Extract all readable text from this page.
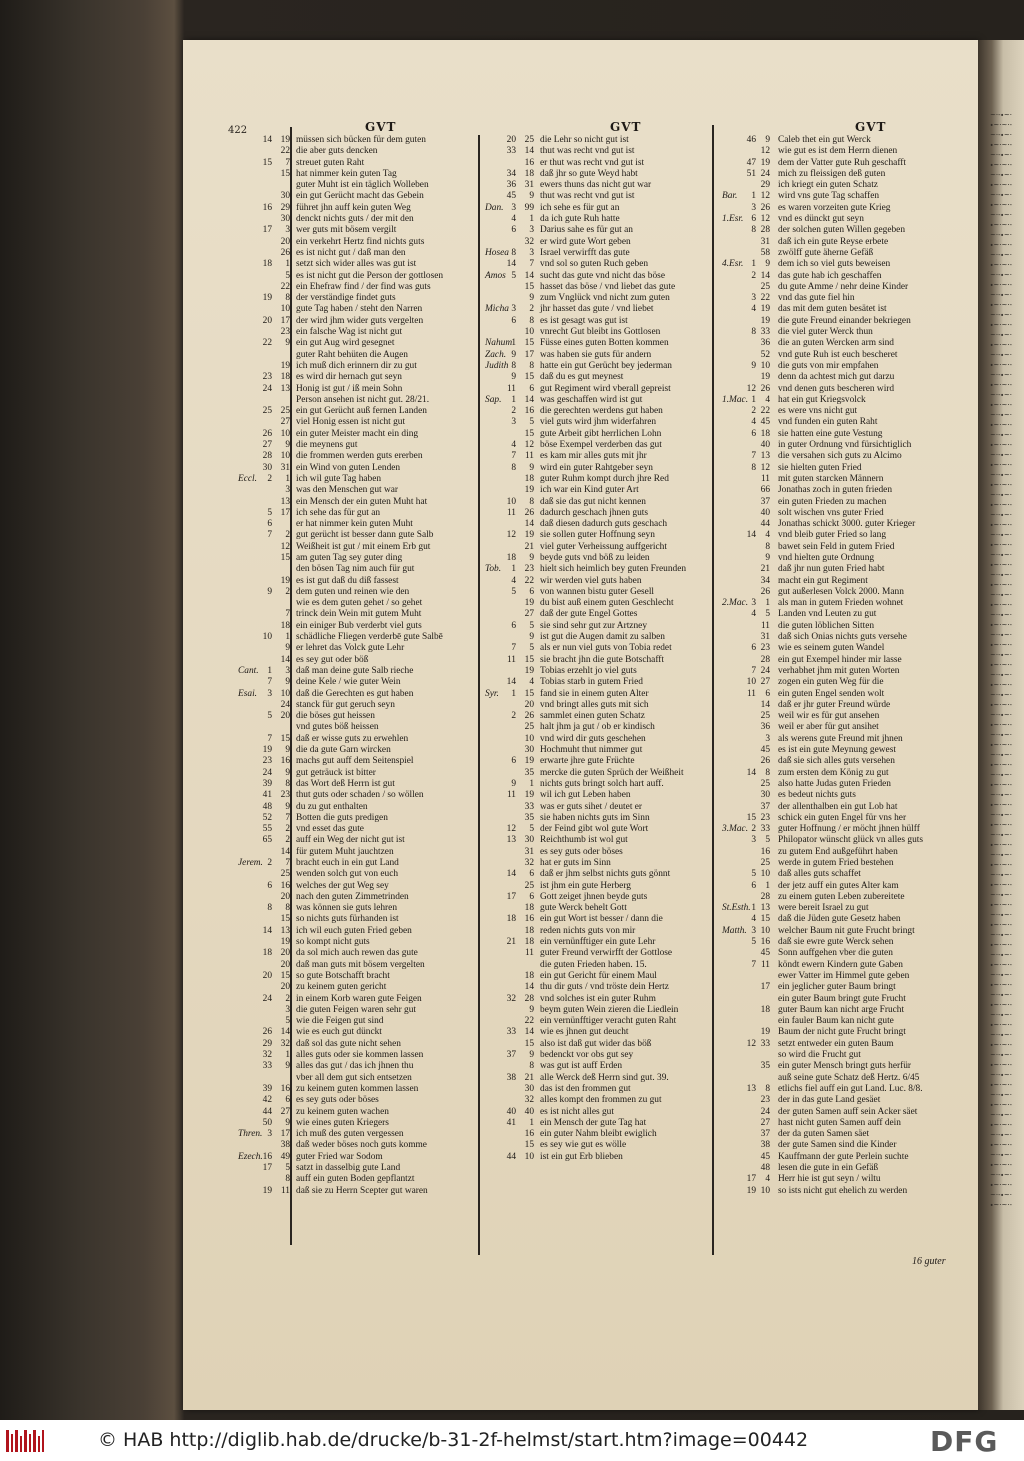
422	GVT	GVT	GVT
14 19 müssen sich bücken für dem guten
22 die aber guts dencken
15	7 streuet guten Raht
15 hat nimmer kein guten Tag
guter Muht ist ein täglich Wolleben
30 ein gut Gerücht macht das Gebein
16 29 führet jhn auff kein guten Weg
30 denckt nichts guts / der mit den
17	3 wer guts mit bösem vergilt
20 ein verkehrt Hertz find nichts guts
26 es ist nicht gut / daß man den
18	1 setzt sich wider alles was gut ist
5 es ist nicht gut die Person der gottlosen
22 ein Ehefraw find / der find was guts
19	8 der verständige findet guts
10 gute Tag haben / steht den Narren
20 17 der wird jhm wider guts vergelten
23 ein falsche Wag ist nicht gut
22	9 ein gut Aug wird gesegnet
guter Raht behüten die Augen
19 ich muß dich erinnern dir zu gut
23 18 es wird dir hernach gut seyn
24 13 Honig ist gut / iß mein Sohn
Person ansehen ist nicht gut. 28/21.
25 25 ein gut Gerücht auß fernen Landen
27 viel Honig essen ist nicht gut
26 10 ein guter Meister macht ein ding
27	9 die meynens gut
28 10 die frommen werden guts ererben
30 31 ein Wind von guten Lenden
Eccl.	2	1 ich wil gute Tag haben
3 was den Menschen gut war
13 ein Mensch der ein guten Muht hat
5 17 ich sehe das für gut an
6	er hat nimmer kein guten Muht
7	2 gut gerücht ist besser dann gute Salb
12 Weißheit ist gut / mit einem Erb gut
15 am guten Tag sey guter ding
den bösen Tag nim auch für gut
19 es ist gut daß du diß fassest
9	2 dem guten und reinen wie den
wie es dem guten gehet / so gehet
7 trinck dein Wein mit gutem Muht
18 ein einiger Bub verderbt viel guts
10	1 schädliche Fliegen verderbē gute Salbē
9 er lehret das Volck gute Lehr
14 es sey gut oder böß
Cant. 1	3 daß man deine gute Salb rieche
7	9 deine Kele / wie guter Wein
Esai.	3 10 daß die Gerechten es gut haben
24 stanck für gut geruch seyn
5 20 die böses gut heissen
vnd gutes böß heissen
7 15 daß er wisse guts zu erwehlen
19	9 die da gute Garn wircken
23 16 machs gut auff dem Seitenspiel
24	9 gut geträuck ist bitter
39	8 das Wort deß Herrn ist gut
41 23 thut guts oder schaden / so wöllen
48	9 du zu gut enthalten
52	7 Botten die guts predigen
55	2 vnd esset das gute
65	2 auff ein Weg der nicht gut ist
14 für gutem Muht jauchtzen
Jerem. 2	7 bracht euch in ein gut Land
25 wenden solch gut von euch
6 16 welches der gut Weg sey
20 nach den guten Zimmetrinden
8	8 was können sie guts lehren
15 so nichts guts fürhanden ist
14 13 ich wil euch guten Fried geben
19 so kompt nicht guts
18 20 da sol mich auch rewen das gute
20 daß man guts mit bösem vergelten
20 15 so gute Botschafft bracht
20 zu keinem guten gericht
24	2 in einem Korb waren gute Feigen
3 die guten Feigen waren sehr gut
5 wie die Feigen gut sind
26 14 wie es euch gut dünckt
29 32 daß sol das gute nicht sehen
32	1 alles guts oder sie kommen lassen
33	9 alles das gut / das ich jhnen thu
vber all dem gut sich entsetzen
39 16 zu keinem guten kommen lassen
42	6 es sey guts oder böses
44 27 zu keinem guten wachen
50	9 wie eines guten Kriegers
Thren. 3 17 ich muß des guten vergessen
38 daß weder böses noch guts komme
Ezech. 16 49 guter Fried war Sodom
17	5 satzt in dasselbig gute Land
8 auff ein guten Boden gepflantzt
19 11 daß sie zu Herrn Scepter gut waren
20 25 die Lehr so nicht gut ist
33 14 thut was recht vnd gut ist
16 er thut was recht vnd gut ist
34 18 daß jhr so gute Weyd habt
36 31 ewers thuns das nicht gut war
45	9 thut was recht vnd gut ist
Dan. 3 99 ich sehe es für gut an
4	1 da ich gute Ruh hatte
6	3 Darius sahe es für gut an
32 er wird gute Wort geben
Hosea 8	3 Israel verwirfft das gute
14	7 vnd sol so guten Ruch geben
Amos 5 14 sucht das gute vnd nicht das böse
15 hasset das böse / vnd liebet das gute
9 zum Vnglück vnd nicht zum guten
Micha 3	2 jhr hasset das gute / vnd liebet
6	8 es ist gesagt was gut ist
10 vnrecht Gut bleibt ins Gottlosen
Nahum 1 15 Füsse eines guten Botten kommen
Zach. 9 17 was haben sie guts für andern
Judith 8	8 hatte ein gut Gerücht bey jederman
9 15 daß du es gut meynest
11	6 gut Regiment wird vberall gepreist
Sap.	1 14 was geschaffen wird ist gut
2 16 die gerechten werdens gut haben
3	5 viel guts wird jhm widerfahren
15 gute Arbeit gibt herrlichen Lohn
4 12 böse Exempel verderben das gut
7 11 es kam mir alles guts mit jhr
8	9 wird ein guter Rahtgeber seyn
18 guter Ruhm kompt durch jhre Red
19 ich war ein Kind guter Art
10	8 daß sie das gut nicht kennen
11 26 dadurch geschach jhnen guts
14 daß diesen dadurch guts geschach
12 19 sie sollen guter Hoffnung seyn
21 viel guter Verheissung auffgericht
18	9 beyde guts vnd böß zu leiden
Tob.	1 23 hielt sich heimlich bey guten Freunden
4 22 wir werden viel guts haben
5	6 von wannen bistu guter Gesell
19 du bist auß einem guten Geschlecht
27 daß der gute Engel Gottes
6	5 sie sind sehr gut zur Artzney
9 ist gut die Augen damit zu salben
7	5 als er nun viel guts von Tobia redet
11 15 sie bracht jhn die gute Botschafft
19 Tobias erzehlt jo viel guts
14	4 Tobias starb in gutem Fried
Syr.	1 15 fand sie in einem guten Alter
20 vnd bringt alles guts mit sich
2 26 sammlet einen guten Schatz
25 halt jhm ja gut / ob er kindisch
10 vnd wird dir guts geschehen
30 Hochmuht thut nimmer gut
6 19 erwarte jhre gute Früchte
35 mercke die guten Sprüch der Weißheit
9	1 nichts guts bringt solch hart auff.
11 19 wil ich gut Leben haben
33 was er guts sihet / deutet er
35 sie haben nichts guts im Sinn
12	5 der Feind gibt wol gute Wort
13 30 Reichthumb ist wol gut
31 es sey guts oder böses
32 hat er guts im Sinn
14	6 daß er jhm selbst nichts guts gönnt
25 ist jhm ein gute Herberg
17	6 Gott zeiget jhnen beyde guts
18 gute Werck behelt Gott
18 16 ein gut Wort ist besser / dann die
18 reden nichts guts von mir
21 18 ein vernünfftiger ein gute Lehr
11 guter Freund verwirfft der Gottlose
die guten Frieden haben. 15.
18 ein gut Gericht für einem Maul
14 thu dir guts / vnd tröste dein Hertz
32 28 vnd solches ist ein guter Ruhm
9 beym guten Wein zieren die Liedlein
22 ein vernünfftiger veracht guten Raht
33 14 wie es jhnen gut deucht
15 also ist daß gut wider das böß
37	9 bedenckt vor obs gut sey
8 was gut ist auff Erden
38 21 alle Werck deß Herrn sind gut. 39.
30 das ist den frommen gut
32 alles kompt den frommen zu gut
40 40 es ist nicht alles gut
41	1 ein Mensch der gute Tag hat
16 ein guter Nahm bleibt ewiglich
15 es sey wie gut es wölle
44 10 ist ein gut Erb blieben
46 9 Caleb thet ein gut Werck
12 wie gut es ist dem Herrn dienen
47 19 dem der Vatter gute Ruh geschafft
51 24 mich zu fleissigen deß guten
29 ich kriegt ein guten Schatz
Bar.	1 12 wird vns gute Tag schaffen
3 26 es waren vorzeiten gute Krieg
1.Esr. 6 12 vnd es dünckt gut seyn
8 28 der solchen guten Willen gegeben
31 daß ich ein gute Reyse erbete
58 zwölff gute äherne Gefäß
4.Esr. 1 9 dem ich so viel guts beweisen
2 14 das gute hab ich geschaffen
25 du gute Amme / nehr deine Kinder
3 22 vnd das gute fiel hin
4 19 das mit dem guten besätet ist
19 die gute Freund einander bekriegen
8 33 die viel guter Werck thun
36 die an guten Wercken arm sind
52 vnd gute Ruh ist euch bescheret
9 10 die guts von mir empfahen
19 denn da achtest mich gut darzu
12 26 vnd denen guts bescheren wird
1.Mac. 1 4 hat ein gut Kriegsvolck
2 22 es were vns nicht gut
4 45 vnd funden ein guten Raht
6 18 sie hatten eine gute Vestung
40 in guter Ordnung vnd fürsichtiglich
7 13 die versahen sich guts zu Alcimo
8 12 sie hielten guten Fried
11 mit guten starcken Männern
66 Jonathas zoch in guten frieden
37 ein guten Frieden zu machen
40 solt wischen vns guter Fried
44 Jonathas schickt 3000. guter Krieger
14 4 vnd bleib guter Fried so lang
8 bawet sein Feld in gutem Fried
9 vnd hielten gute Ordnung
21 daß jhr nun guten Fried habt
34 macht ein gut Regiment
26 gut außerlesen Volck 2000. Mann
2.Mac. 3 1 als man in gutem Frieden wohnet
4 5 Landen vnd Leuten zu gut
11 die guten löblichen Sitten
31 daß sich Onias nichts guts versehe
6 23 wie es seinem guten Wandel
28 ein gut Exempel hinder mir lasse
7 24 verhabhet jhm mit guten Worten
10 27 zogen ein guten Weg für die
11 6 ein guten Engel senden wolt
14 daß er jhr guter Freund würde
25 weil wir es für gut ansehen
36 weil er aber für gut ansihet
3 als werens gute Freund mit jhnen
45 es ist ein gute Meynung gewest
26 daß sie sich alles guts versehen
14 8 zum ersten dem König zu gut
25 also hatte Judas guten Frieden
30 es bedeut nichts guts
37 der allenthalben ein gut Lob hat
15 23 schick ein guten Engel für vns her
3.Mac. 2 33 guter Hoffnung / er möcht jhnen hülff
3 5 Philopator wünscht glück vn alles guts
16 zu gutem End außgeführt haben
25 werde in gutem Fried bestehen
5 10 daß alles guts schaffet
6 1 der jetz auff ein gutes Alter kam
28 zu einem guten Leben zubereitete
St.Esth. 1 13 were bereit Israel zu gut
4 15 daß die Jüden gute Gesetz haben
Matth. 3 10 welcher Baum nit gute Frucht bringt
5 16 daß sie ewre gute Werck sehen
45 Sonn auffgehen vber die guten
7 11 köndt ewern Kindern gute Gaben
ewer Vatter im Himmel gute geben
17 ein jeglicher guter Baum bringt
ein guter Baum bringt gute Frucht
18 guter Baum kan nicht arge Frucht
ein fauler Baum kan nicht gute
19 Baum der nicht gute Frucht bringt
12 33 setzt entweder ein guten Baum
so wird die Frucht gut
35 ein guter Mensch bringt guts herfür
auß seine gute Schatz deß Hertz. 6/45
13 8 etlichs fiel auff ein gut Land. Luc. 8/8.
23 der in das gute Land gesäet
24 der guten Samen auff sein Acker säet
27 hast nicht guten Samen auff dein
37 der da guten Samen säet
38 der gute Samen sind die Kinder
45 Kauffmann der gute Perlein suchte
48 lesen die gute in ein Gefäß
17 4 Herr hie ist gut seyn / wiltu
19 10 so ists nicht gut ehelich zu werden
16 guter
~·-∙~·
∙~·~·-
~·-∙~·
∙~·~·-
~·-∙~·
∙~·~·-
~·-∙~·
∙~·~·-
~·-∙~·
∙~·~·-
~·-∙~·
∙~·~·-
~·-∙~·
∙~·~·-
~·-∙~·
∙~·~·-
~·-∙~·
∙~·~·-
~·-∙~·
∙~·~·-
~·-∙~·
∙~·~·-
~·-∙~·
∙~·~·-
~·-∙~·
∙~·~·-
~·-∙~·
∙~·~·-
~·-∙~·
∙~·~·-
~·-∙~·
∙~·~·-
~·-∙~·
∙~·~·-
~·-∙~·
∙~·~·-
~·-∙~·
∙~·~·-
~·-∙~·
∙~·~·-
~·-∙~·
∙~·~·-
~·-∙~·
∙~·~·-
~·-∙~·
∙~·~·-
~·-∙~·
∙~·~·-
~·-∙~·
∙~·~·-
~·-∙~·
∙~·~·-
~·-∙~·
∙~·~·-
~·-∙~·
∙~·~·-
~·-∙~·
∙~·~·-
~·-∙~·
∙~·~·-
~·-∙~·
∙~·~·-
~·-∙~·
∙~·~·-
~·-∙~·
∙~·~·-
~·-∙~·
∙~·~·-
~·-∙~·
∙~·~·-
~·-∙~·
∙~·~·-
~·-∙~·
∙~·~·-
~·-∙~·
∙~·~·-
~·-∙~·
∙~·~·-
~·-∙~·
∙~·~·-
~·-∙~·
∙~·~·-
~·-∙~·
∙~·~·-
~·-∙~·
∙~·~·-
~·-∙~·
∙~·~·-
~·-∙~·
∙~·~·-
~·-∙~·
∙~·~·-
~·-∙~·
∙~·~·-
~·-∙~·
∙~·~·-
~·-∙~·
∙~·~·-
~·-∙~·
∙~·~·-
~·-∙~·
∙~·~·-
~·-∙~·
∙~·~·-
~·-∙~·
∙~·~·-
~·-∙~·
∙~·~·-
~·-∙~·
∙~·~·-
© HAB http://diglib.hab.de/drucke/b-31-2f-helmst/start.htm?image=00442	DFG
